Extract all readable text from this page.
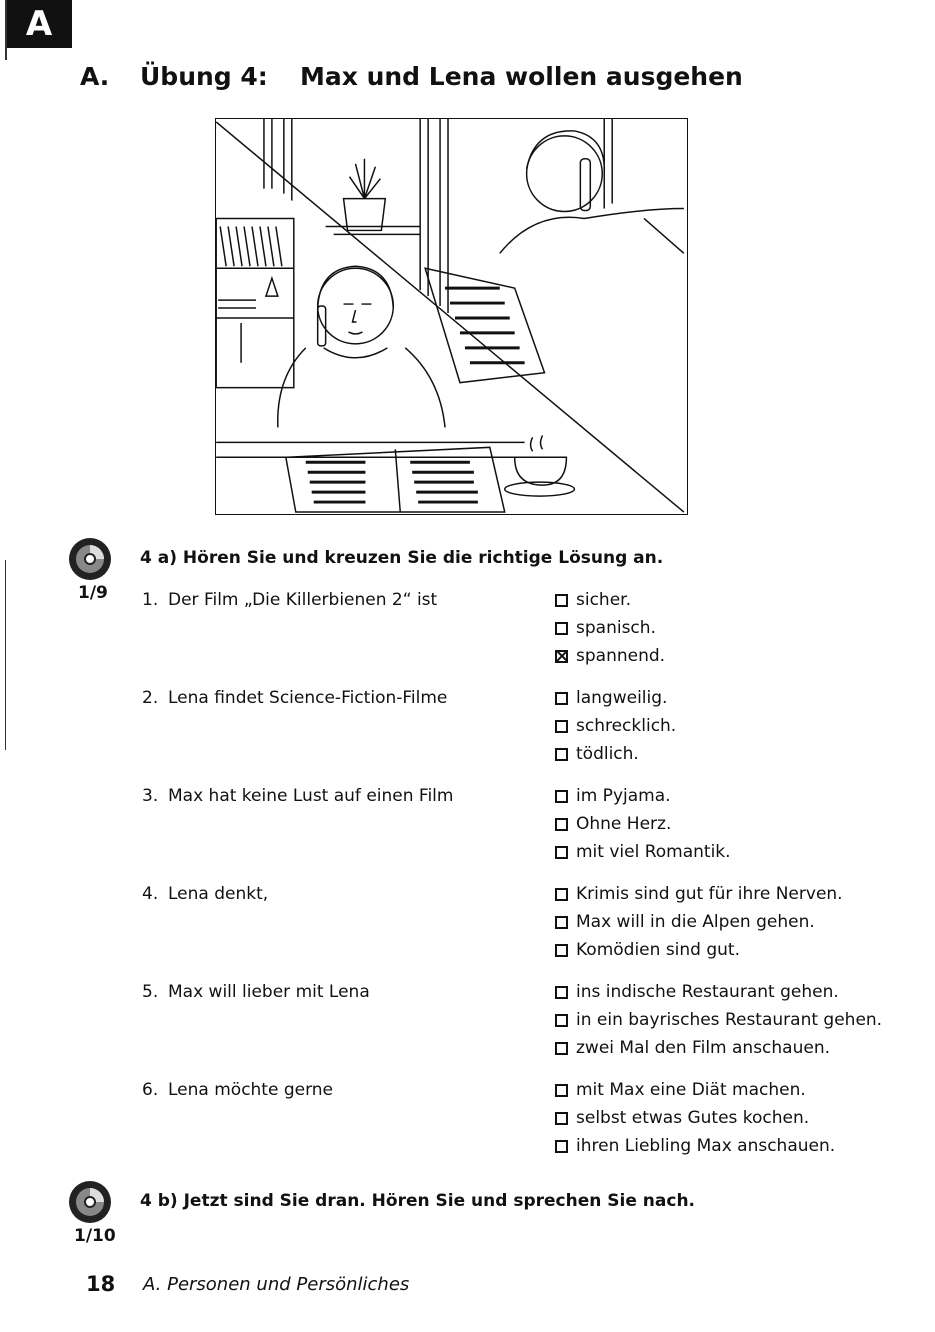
A
A. Übung 4: Max und Lena wollen ausgehen
1/9
4 a) Hören Sie und kreuzen Sie die richtige Lösung an.
1. Der Film „Die Killerbienen 2“ ist	sicher.
spanisch.
spannend.
2. Lena findet Science-Fiction-Filme	langweilig.
schrecklich.
tödlich.
3. Max hat keine Lust auf einen Film	im Pyjama.
Ohne Herz.
mit viel Romantik.
4. Lena denkt,	Krimis sind gut für ihre Nerven.
Max will in die Alpen gehen.
Komödien sind gut.
5. Max will lieber mit Lena	ins indische Restaurant gehen.
in ein bayrisches Restaurant gehen.
zwei Mal den Film anschauen.
6. Lena möchte gerne	mit Max eine Diät machen.
selbst etwas Gutes kochen.
ihren Liebling Max anschauen.
1/10
4 b) Jetzt sind Sie dran. Hören Sie und sprechen Sie nach.
18 A. Personen und Persönliches
